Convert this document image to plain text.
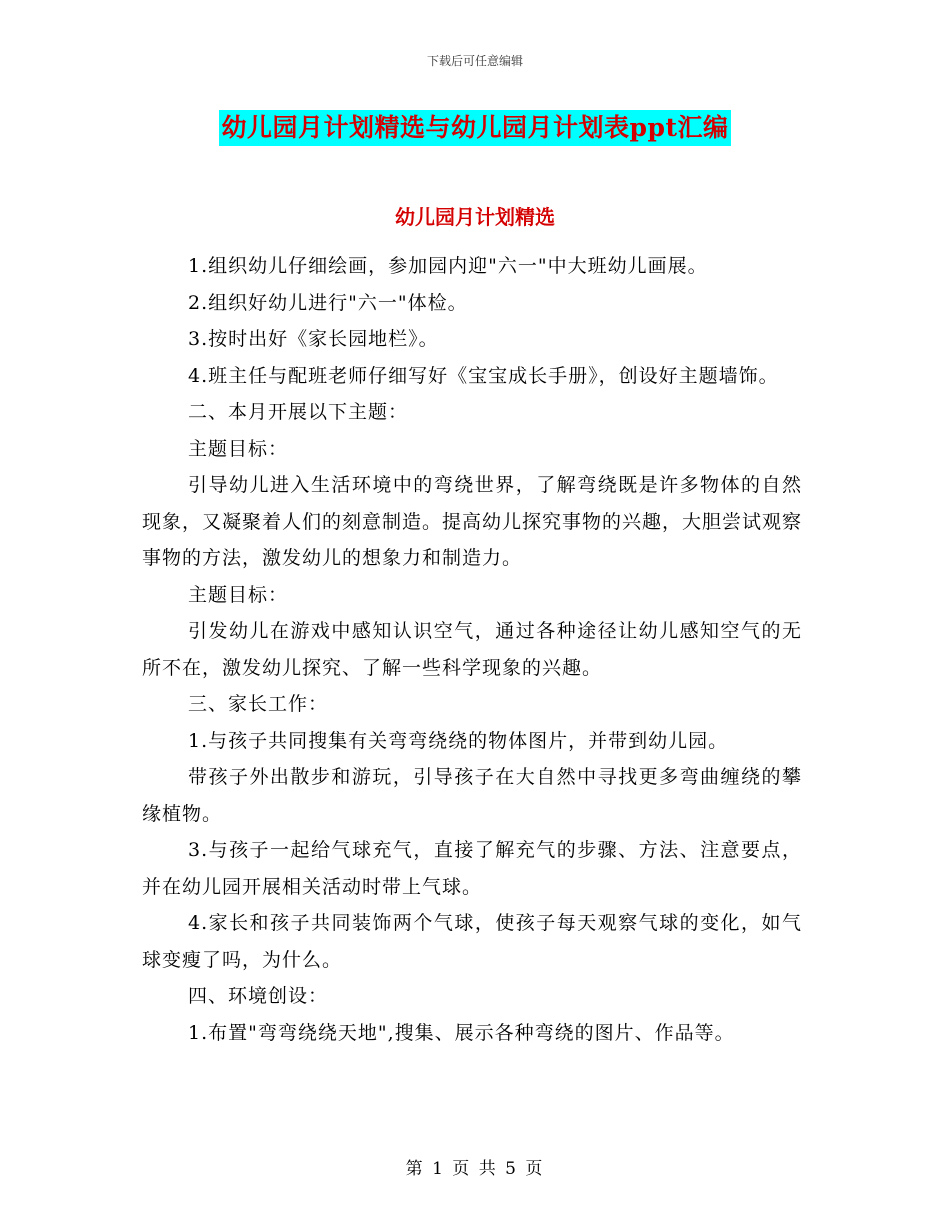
下载后可任意编辑
幼儿园月计划精选与幼儿园月计划表ppt汇编
幼儿园月计划精选

1.组织幼儿仔细绘画，参加园内迎"六一"中大班幼儿画展。

2.组织好幼儿进行"六一"体检。

3.按时出好《家长园地栏》。

4.班主任与配班老师仔细写好《宝宝成长手册》，创设好主题墙饰。

二、本月开展以下主题：

主题目标：

引导幼儿进入生活环境中的弯绕世界，了解弯绕既是许多物体的自然现象，又凝聚着人们的刻意制造。提高幼儿探究事物的兴趣，大胆尝试观察事物的方法，激发幼儿的想象力和制造力。

主题目标：

引发幼儿在游戏中感知认识空气，通过各种途径让幼儿感知空气的无所不在，激发幼儿探究、了解一些科学现象的兴趣。

三、家长工作：

1.与孩子共同搜集有关弯弯绕绕的物体图片，并带到幼儿园。

带孩子外出散步和游玩，引导孩子在大自然中寻找更多弯曲缠绕的攀缘植物。

3.与孩子一起给气球充气，直接了解充气的步骤、方法、注意要点，并在幼儿园开展相关活动时带上气球。

4.家长和孩子共同装饰两个气球，使孩子每天观察气球的变化，如气球变瘦了吗，为什么。

四、环境创设：

1.布置"弯弯绕绕天地",搜集、展示各种弯绕的图片、作品等。

第 1 页 共 5 页
